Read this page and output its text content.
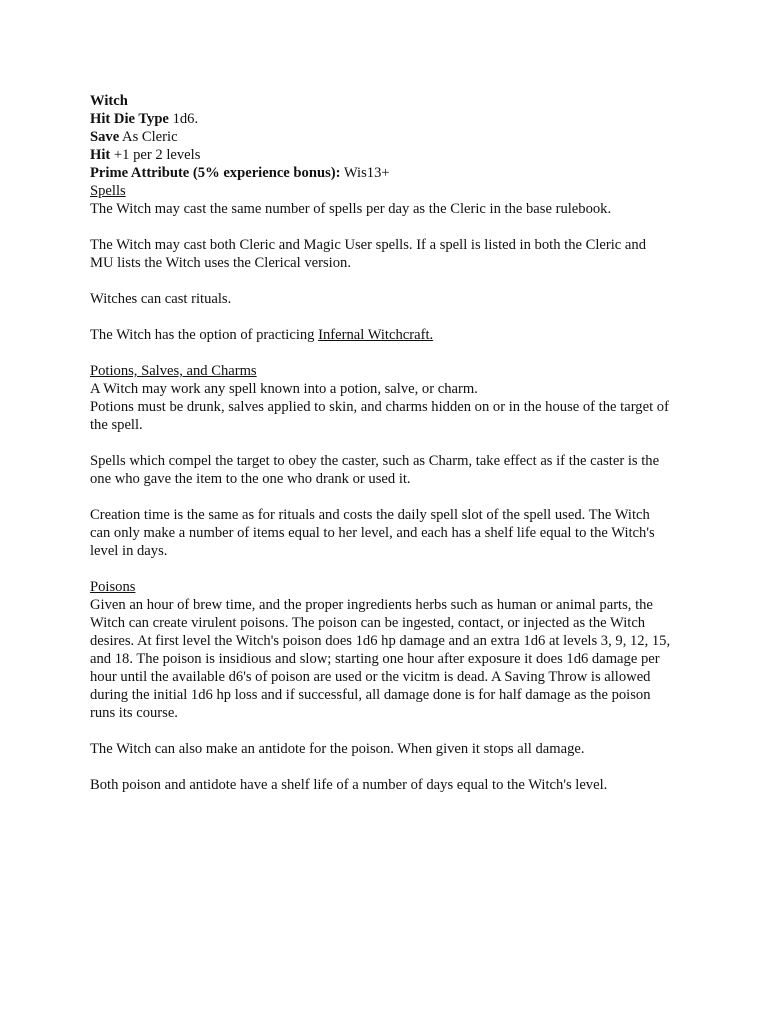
Witch
Hit Die Type 1d6.
Save As Cleric
Hit +1 per 2 levels
Prime Attribute (5% experience bonus): Wis13+
Spells
The Witch may cast the same number of spells per day as the Cleric in the base rulebook.
The Witch may cast both Cleric and Magic User spells. If a spell is listed in both the Cleric and
MU lists the Witch uses the Clerical version.
Witches can cast rituals.
The Witch has the option of practicing Infernal Witchcraft.
Potions, Salves, and Charms
A Witch may work any spell known into a potion, salve, or charm.
Potions must be drunk, salves applied to skin, and charms hidden on or in the house of the target of
the spell.
Spells which compel the target to obey the caster, such as Charm, take effect as if the caster is the
one who gave the item to the one who drank or used it.
Creation time is the same as for rituals and costs the daily spell slot of the spell used. The Witch
can only make a number of items equal to her level, and each has a shelf life equal to the Witch's
level in days.
Poisons
Given an hour of brew time, and the proper ingredients herbs such as human or animal parts, the
Witch can create virulent poisons. The poison can be ingested, contact, or injected as the Witch
desires. At first level the Witch's poison does 1d6 hp damage and an extra 1d6 at levels 3, 9, 12, 15,
and 18. The poison is insidious and slow; starting one hour after exposure it does 1d6 damage per
hour until the available d6's of poison are used or the vicitm is dead. A Saving Throw is allowed
during the initial 1d6 hp loss and if successful, all damage done is for half damage as the poison
runs its course.
The Witch can also make an antidote for the poison. When given it stops all damage.
Both poison and antidote have a shelf life of a number of days equal to the Witch's level.
